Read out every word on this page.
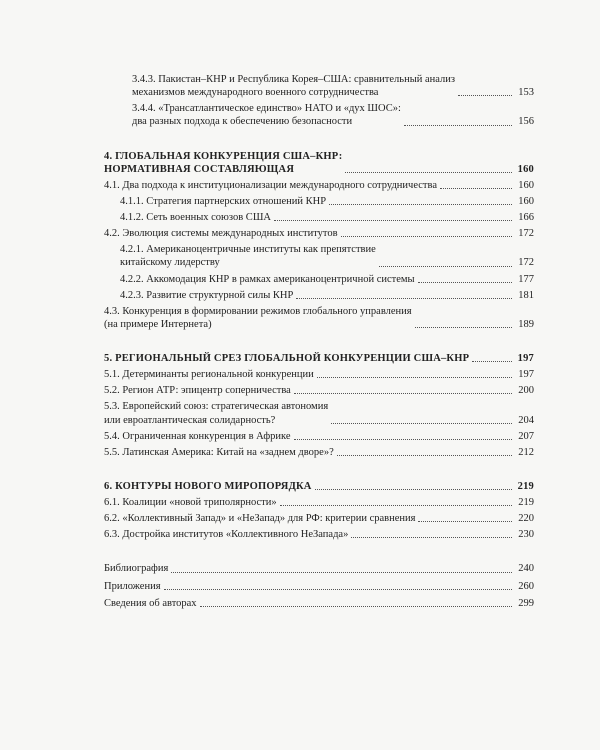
3.4.3. Пакистан–КНР и Республика Корея–США: сравнительный анализ
механизмов международного военного сотрудничества	153
3.4.4. «Трансатлантическое единство» НАТО и «дух ШОС»:
два разных подхода к обеспечению безопасности	156
4. ГЛОБАЛЬНАЯ КОНКУРЕНЦИЯ США–КНР:
НОРМАТИВНАЯ СОСТАВЛЯЮЩАЯ	160
4.1. Два подхода к институционализации международного сотрудничества	160
4.1.1. Стратегия партнерских отношений КНР	160
4.1.2. Сеть военных союзов США	166
4.2. Эволюция системы международных институтов	172
4.2.1. Американоцентричные институты как препятствие
китайскому лидерству	172
4.2.2. Аккомодация КНР в рамках американоцентричной системы	177
4.2.3. Развитие структурной силы КНР	181
4.3. Конкуренция в формировании режимов глобального управления
(на примере Интернета)	189
5. РЕГИОНАЛЬНЫЙ СРЕЗ ГЛОБАЛЬНОЙ КОНКУРЕНЦИИ США–КНР	197
5.1. Детерминанты региональной конкуренции	197
5.2. Регион АТР: эпицентр соперничества	200
5.3. Европейский союз: стратегическая автономия
или евроатлантическая солидарность?	204
5.4. Ограниченная конкуренция в Африке	207
5.5. Латинская Америка: Китай на «заднем дворе»?	212
6. КОНТУРЫ НОВОГО МИРОПОРЯДКА	219
6.1. Коалиции «новой триполярности»	219
6.2. «Коллективный Запад» и «НеЗапад» для РФ: критерии сравнения	220
6.3. Достройка институтов «Коллективного НеЗапада»	230
Библиография	240
Приложения	260
Сведения об авторах	299
